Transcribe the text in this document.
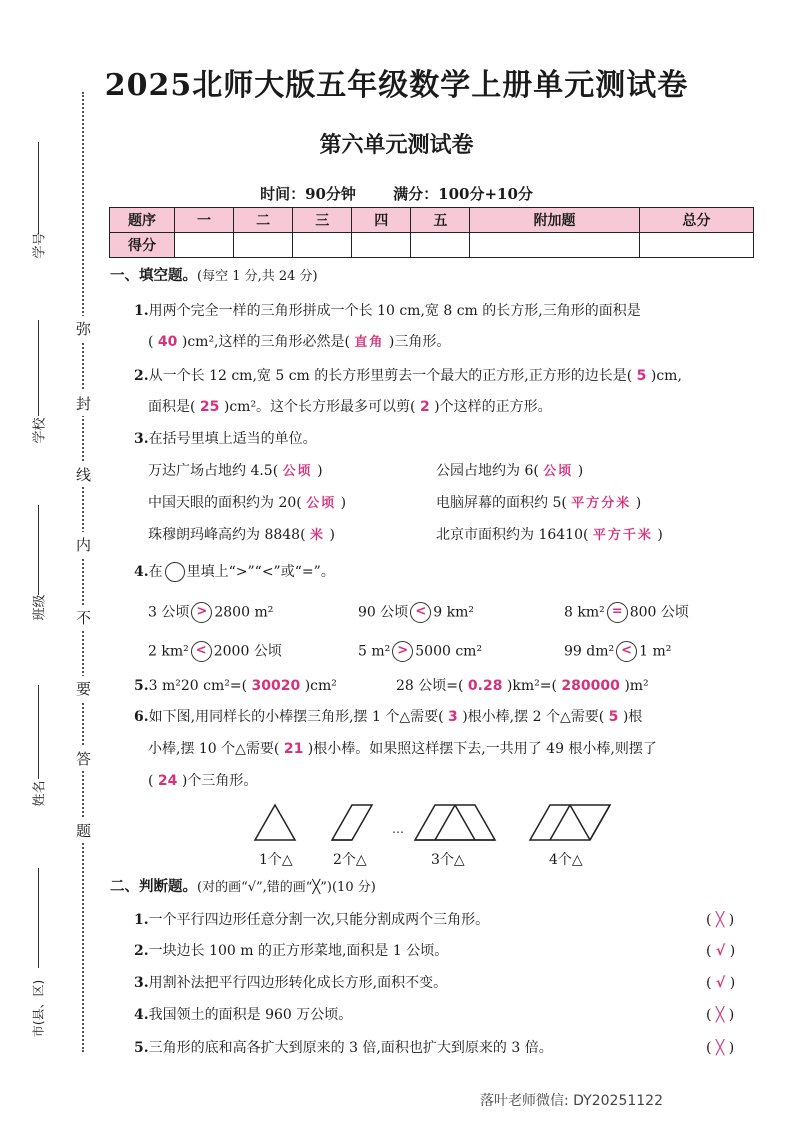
2025北师大版五年级数学上册单元测试卷
第六单元测试卷
时间：90分钟 满分：100分+10分
题序	一	二	三	四	五	附加题	总分
得分							
学号
学校
班级
姓名
市(县、区)
弥
封
线
内
不
要
答
题
一、填空题。(每空 1 分,共 24 分)
1.用两个完全一样的三角形拼成一个长 10 cm,宽 8 cm 的长方形,三角形的面积是
( 40 )cm²,这样的三角形必然是( 直角 )三角形。
2.从一个长 12 cm,宽 5 cm 的长方形里剪去一个最大的正方形,正方形的边长是( 5 )cm,
面积是( 25 )cm²。这个长方形最多可以剪( 2 )个这样的正方形。
3.在括号里填上适当的单位。
万达广场占地约 4.5( 公顷 )	公园占地约为 6( 公顷 )
中国天眼的面积约为 20( 公顷 )	电脑屏幕的面积约 5( 平方分米 )
珠穆朗玛峰高约为 8848( 米 )	北京市面积约为 16410( 平方千米 )
4.在 里填上“>”“<”或“=”。
3 公顷 > 2800 m²	90 公顷 < 9 km²	8 km² = 800 公顷
2 km² < 2000 公顷	5 m² > 5000 cm²	99 dm² < 1 m²
5.3 m²20 cm²=( 30020 )cm²	28 公顷=( 0.28 )km²=( 280000 )m²
6.如下图,用同样长的小棒摆三角形,摆 1 个△需要( 3 )根小棒,摆 2 个△需要( 5 )根
小棒,摆 10 个△需要( 21 )根小棒。如果照这样摆下去,一共用了 49 根小棒,则摆了
( 24 )个三角形。
…
1个△	2个△	3个△	4个△
二、判断题。(对的画“√”,错的画“╳”)(10 分)
1.一个平行四边形任意分割一次,只能分割成两个三角形。	( ╳ )
2.一块边长 100 m 的正方形菜地,面积是 1 公顷。	( √ )
3.用割补法把平行四边形转化成长方形,面积不变。	( √ )
4.我国领土的面积是 960 万公顷。	( ╳ )
5.三角形的底和高各扩大到原来的 3 倍,面积也扩大到原来的 3 倍。	( ╳ )
落叶老师微信: DY20251122
